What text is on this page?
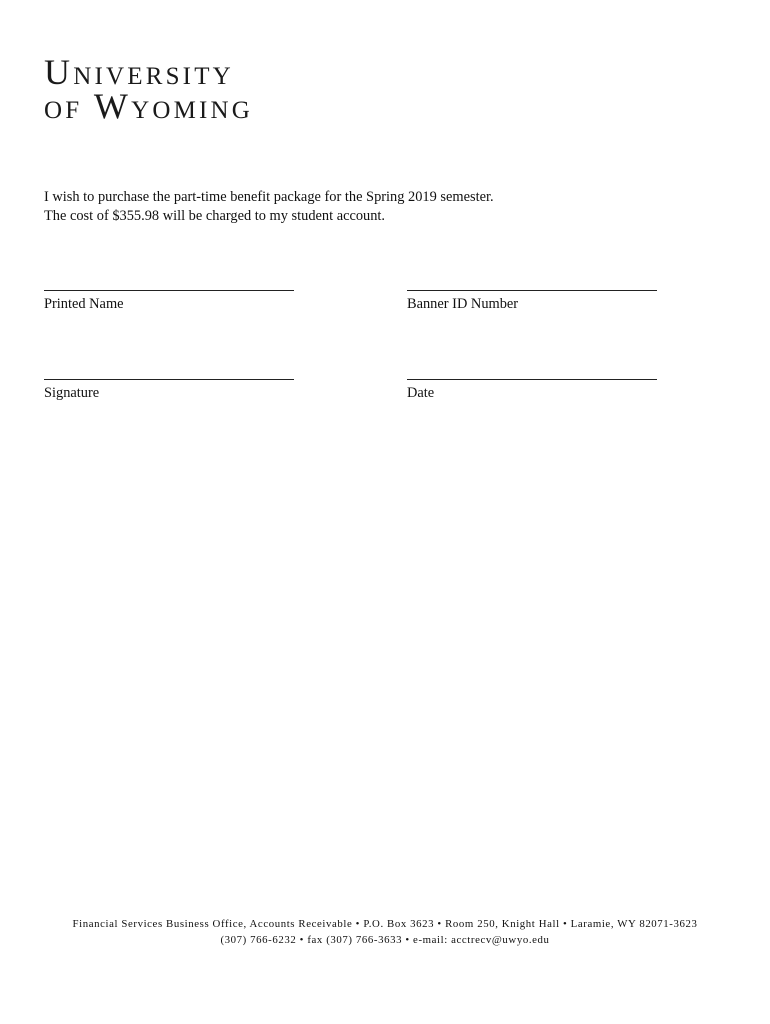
University
of Wyoming

I wish to purchase the part-time benefit package for the Spring 2019 semester.

The cost of $355.98 will be charged to my student account.

Printed Name	Banner ID Number
Signature	Date

Financial Services Business Office, Accounts Receivable • P.O. Box 3623 • Room 250, Knight Hall • Laramie, WY 82071-3623

(307) 766-6232 • fax (307) 766-3633 • e-mail: acctrecv@uwyo.edu
